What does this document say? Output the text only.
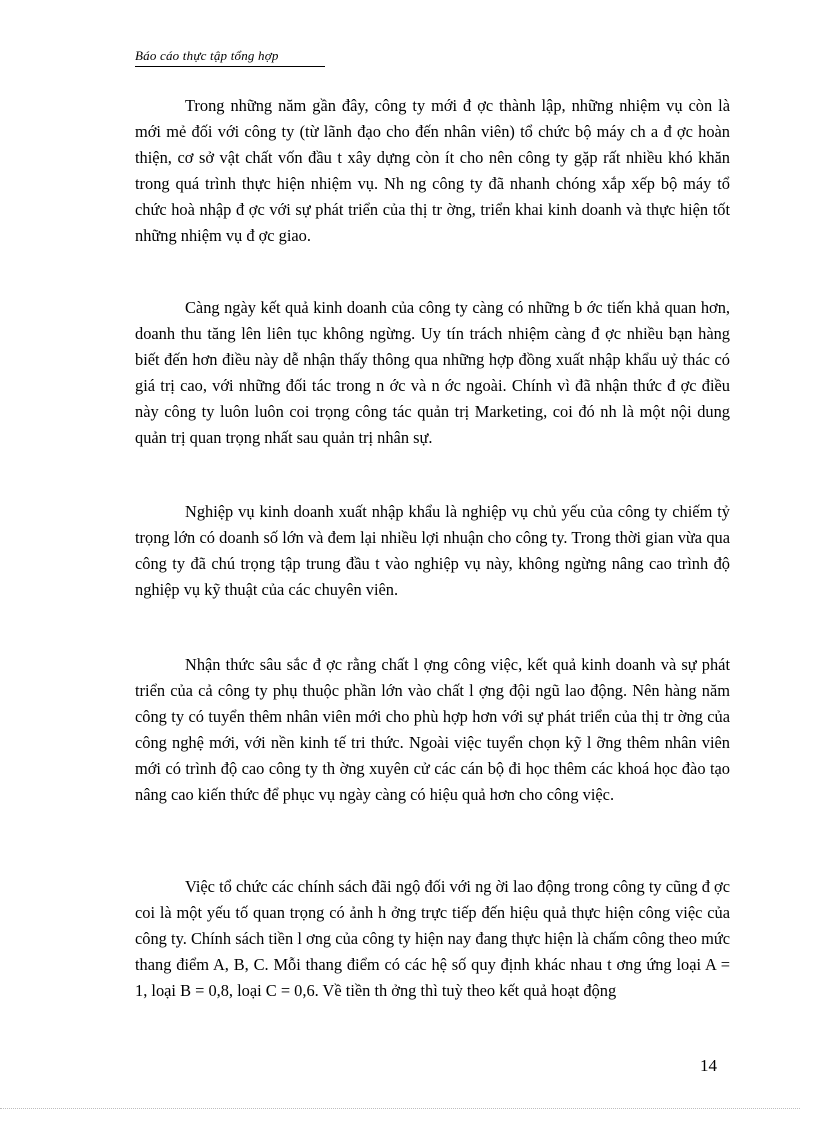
Báo cáo thực tập tổng hợp

Trong những năm gần đây, công ty mới đ ợc thành lập, những nhiệm vụ còn là mới mẻ đối với công ty (từ lãnh đạo cho đến nhân viên) tổ chức bộ máy ch a đ ợc hoàn thiện, cơ sở vật chất vốn đầu t xây dựng còn ít cho nên công ty gặp rất nhiều khó khăn trong quá trình thực hiện nhiệm vụ. Nh ng công ty đã nhanh chóng xắp xếp bộ máy tổ chức hoà nhập đ ợc với sự phát triển của thị tr ờng, triển khai kinh doanh và thực hiện tốt những nhiệm vụ đ ợc giao.

Càng ngày kết quả kinh doanh của công ty càng có những b ớc tiến khả quan hơn, doanh thu tăng lên liên tục không ngừng. Uy tín trách nhiệm càng đ ợc nhiều bạn hàng biết đến hơn điều này dễ nhận thấy thông qua những hợp đồng xuất nhập khẩu uỷ thác có giá trị cao, với những đối tác trong n ớc và n ớc ngoài. Chính vì đã nhận thức đ ợc điều này công ty luôn luôn coi trọng công tác quản trị Marketing, coi đó nh là một nội dung quản trị quan trọng nhất sau quản trị nhân sự.

Nghiệp vụ kinh doanh xuất nhập khẩu là nghiệp vụ chủ yếu của công ty chiếm tỷ trọng lớn có doanh số lớn và đem lại nhiều lợi nhuận cho công ty. Trong thời gian vừa qua công ty đã chú trọng tập trung đầu t vào nghiệp vụ này, không ngừng nâng cao trình độ nghiệp vụ kỹ thuật của các chuyên viên.

Nhận thức sâu sắc đ ợc rằng chất l ợng công việc, kết quả kinh doanh và sự phát triển của cả công ty phụ thuộc phần lớn vào chất l ợng đội ngũ lao động. Nên hàng năm công ty có tuyển thêm nhân viên mới cho phù hợp hơn với sự phát triển của thị tr ờng của công nghệ mới, với nền kinh tế tri thức. Ngoài việc tuyển chọn kỹ l ỡng thêm nhân viên mới có trình độ cao công ty th ờng xuyên cử các cán bộ đi học thêm các khoá học đào tạo nâng cao kiến thức để phục vụ ngày càng có hiệu quả hơn cho công việc.

Việc tổ chức các chính sách đãi ngộ đối với ng ời lao động trong công ty cũng đ ợc coi là một yếu tố quan trọng có ảnh h ởng trực tiếp đến hiệu quả thực hiện công việc của công ty. Chính sách tiền l ơng của công ty hiện nay đang thực hiện là chấm công theo mức thang điểm A, B, C. Mỗi thang điểm có các hệ số quy định khác nhau t ơng ứng loại A = 1, loại B = 0,8, loại C = 0,6. Về tiền th ởng thì tuỳ theo kết quả hoạt động

14
